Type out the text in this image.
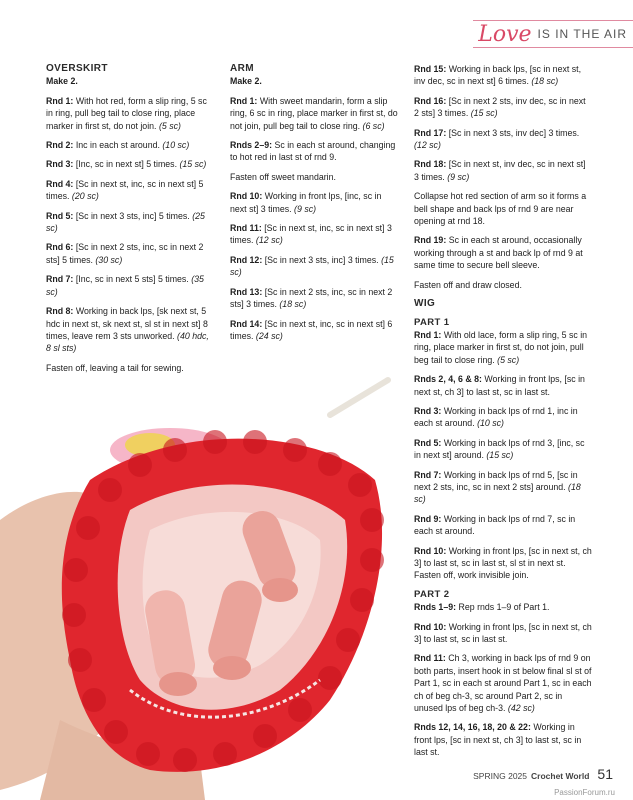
Love IS IN THE AIR
OVERSKIRT

Make 2.

Rnd 1: With hot red, form a slip ring, 5 sc in ring, pull beg tail to close ring, place marker in first st, do not join. (5 sc)

Rnd 2: Inc in each st around. (10 sc)

Rnd 3: [Inc, sc in next st] 5 times. (15 sc)

Rnd 4: [Sc in next st, inc, sc in next st] 5 times. (20 sc)

Rnd 5: [Sc in next 3 sts, inc] 5 times. (25 sc)

Rnd 6: [Sc in next 2 sts, inc, sc in next 2 sts] 5 times. (30 sc)

Rnd 7: [Inc, sc in next 5 sts] 5 times. (35 sc)

Rnd 8: Working in back lps, [sk next st, 5 hdc in next st, sk next st, sl st in next st] 8 times, leave rem 3 sts unworked. (40 hdc, 8 sl sts)

Fasten off, leaving a tail for sewing.

ARM

Make 2.

Rnd 1: With sweet mandarin, form a slip ring, 6 sc in ring, place marker in first st, do not join, pull beg tail to close ring. (6 sc)

Rnds 2–9: Sc in each st around, changing to hot red in last st of rnd 9.

Fasten off sweet mandarin.

Rnd 10: Working in front lps, [inc, sc in next st] 3 times. (9 sc)

Rnd 11: [Sc in next st, inc, sc in next st] 3 times. (12 sc)

Rnd 12: [Sc in next 3 sts, inc] 3 times. (15 sc)

Rnd 13: [Sc in next 2 sts, inc, sc in next 2 sts] 3 times. (18 sc)

Rnd 14: [Sc in next st, inc, sc in next st] 6 times. (24 sc)

Rnd 15: Working in back lps, [sc in next st, inv dec, sc in next st] 6 times. (18 sc)

Rnd 16: [Sc in next 2 sts, inv dec, sc in next 2 sts] 3 times. (15 sc)

Rnd 17: [Sc in next 3 sts, inv dec] 3 times. (12 sc)

Rnd 18: [Sc in next st, inv dec, sc in next st] 3 times. (9 sc)

Collapse hot red section of arm so it forms a bell shape and back lps of rnd 9 are near opening at rnd 18.

Rnd 19: Sc in each st around, occasionally working through a st and back lp of rnd 9 at same time to secure bell sleeve.

Fasten off and draw closed.

WIG
PART 1

Rnd 1: With old lace, form a slip ring, 5 sc in ring, place marker in first st, do not join, pull beg tail to close ring. (5 sc)

Rnds 2, 4, 6 & 8: Working in front lps, [sc in next st, ch 3] to last st, sc in last st.

Rnd 3: Working in back lps of rnd 1, inc in each st around. (10 sc)

Rnd 5: Working in back lps of rnd 3, [inc, sc in next st] around. (15 sc)

Rnd 7: Working in back lps of rnd 5, [sc in next 2 sts, inc, sc in next 2 sts] around. (18 sc)

Rnd 9: Working in back lps of rnd 7, sc in each st around.

Rnd 10: Working in front lps, [sc in next st, ch 3] to last st, sc in last st, sl st in next st. Fasten off, work invisible join.

PART 2

Rnds 1–9: Rep rnds 1–9 of Part 1.

Rnd 10: Working in front lps, [sc in next st, ch 3] to last st, sc in last st.

Rnd 11: Ch 3, working in back lps of rnd 9 on both parts, insert hook in st below final sl st of Part 1, sc in each st around Part 1, sc in each ch of beg ch-3, sc around Part 2, sc in unused lps of beg ch-3. (42 sc)

Rnds 12, 14, 16, 18, 20 & 22: Working in front lps, [sc in next st, ch 3] to last st, sc in last st.

SPRING 2025 Crochet World 51
PassionForum.ru
